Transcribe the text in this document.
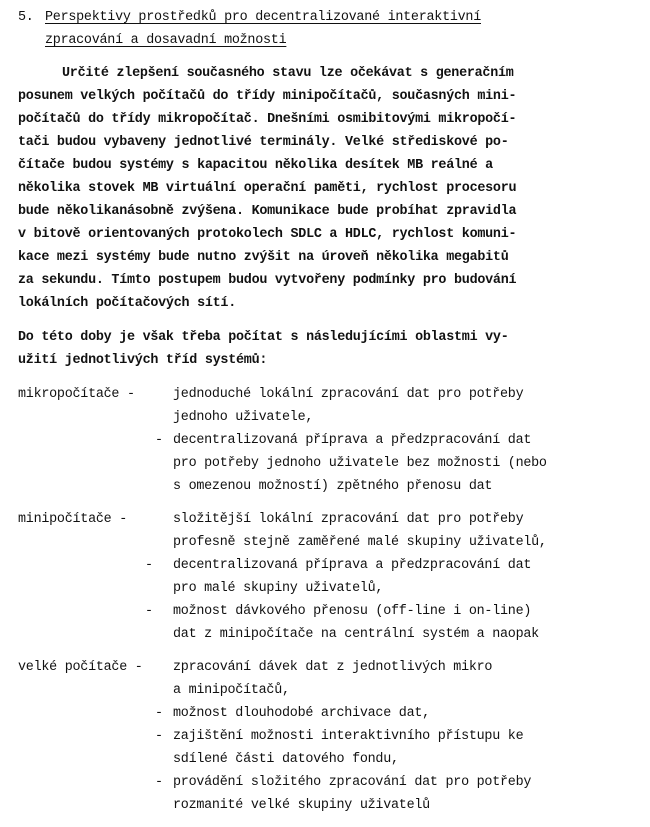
5. Perspektivy prostředků pro decentralizované interaktivní
zpracování a dosavadní možnosti
Určité zlepšení současného stavu lze očekávat s generačním
posunem velkých počítačů do třídy minipočítačů, současných mini-
počítačů do třídy mikropočítač. Dnešními osmibitovými mikropočí-
tači budou vybaveny jednotlivé terminály. Velké střediskové po-
čítače budou systémy s kapacitou několika desítek MB reálné a
několika stovek MB virtuální operační paměti, rychlost procesoru
bude několikanásobně zvýšena. Komunikace bude probíhat zpravidla
v bitově orientovaných protokolech SDLC a HDLC, rychlost komuni-
kace mezi systémy bude nutno zvýšit na úroveň několika megabitů
za sekundu. Tímto postupem budou vytvořeny podmínky pro budování
lokálních počítačových sítí.
Do této doby je však třeba počítat s následujícími oblastmi vy-
užití jednotlivých tříd systémů:
mikropočítače -	jednoduché lokální zpracování dat pro potřeby
jednoho uživatele,
- decentralizovaná příprava a předzpracování dat
pro potřeby jednoho uživatele bez možnosti (nebo
s omezenou možností) zpětného přenosu dat
minipočítače -	složitější lokální zpracování dat pro potřeby
profesně stejně zaměřené malé skupiny uživatelů,
- decentralizovaná příprava a předzpracování dat
pro malé skupiny uživatelů,
- možnost dávkového přenosu (off-line i on-line)
dat z minipočítače na centrální systém a naopak
velké počítače - zpracování dávek dat z jednotlivých mikro
a minipočítačů,
- možnost dlouhodobé archivace dat,
- zajištění možnosti interaktivního přístupu ke
sdílené části datového fondu,
- provádění složitého zpracování dat pro potřeby
rozmanité velké skupiny uživatelů
